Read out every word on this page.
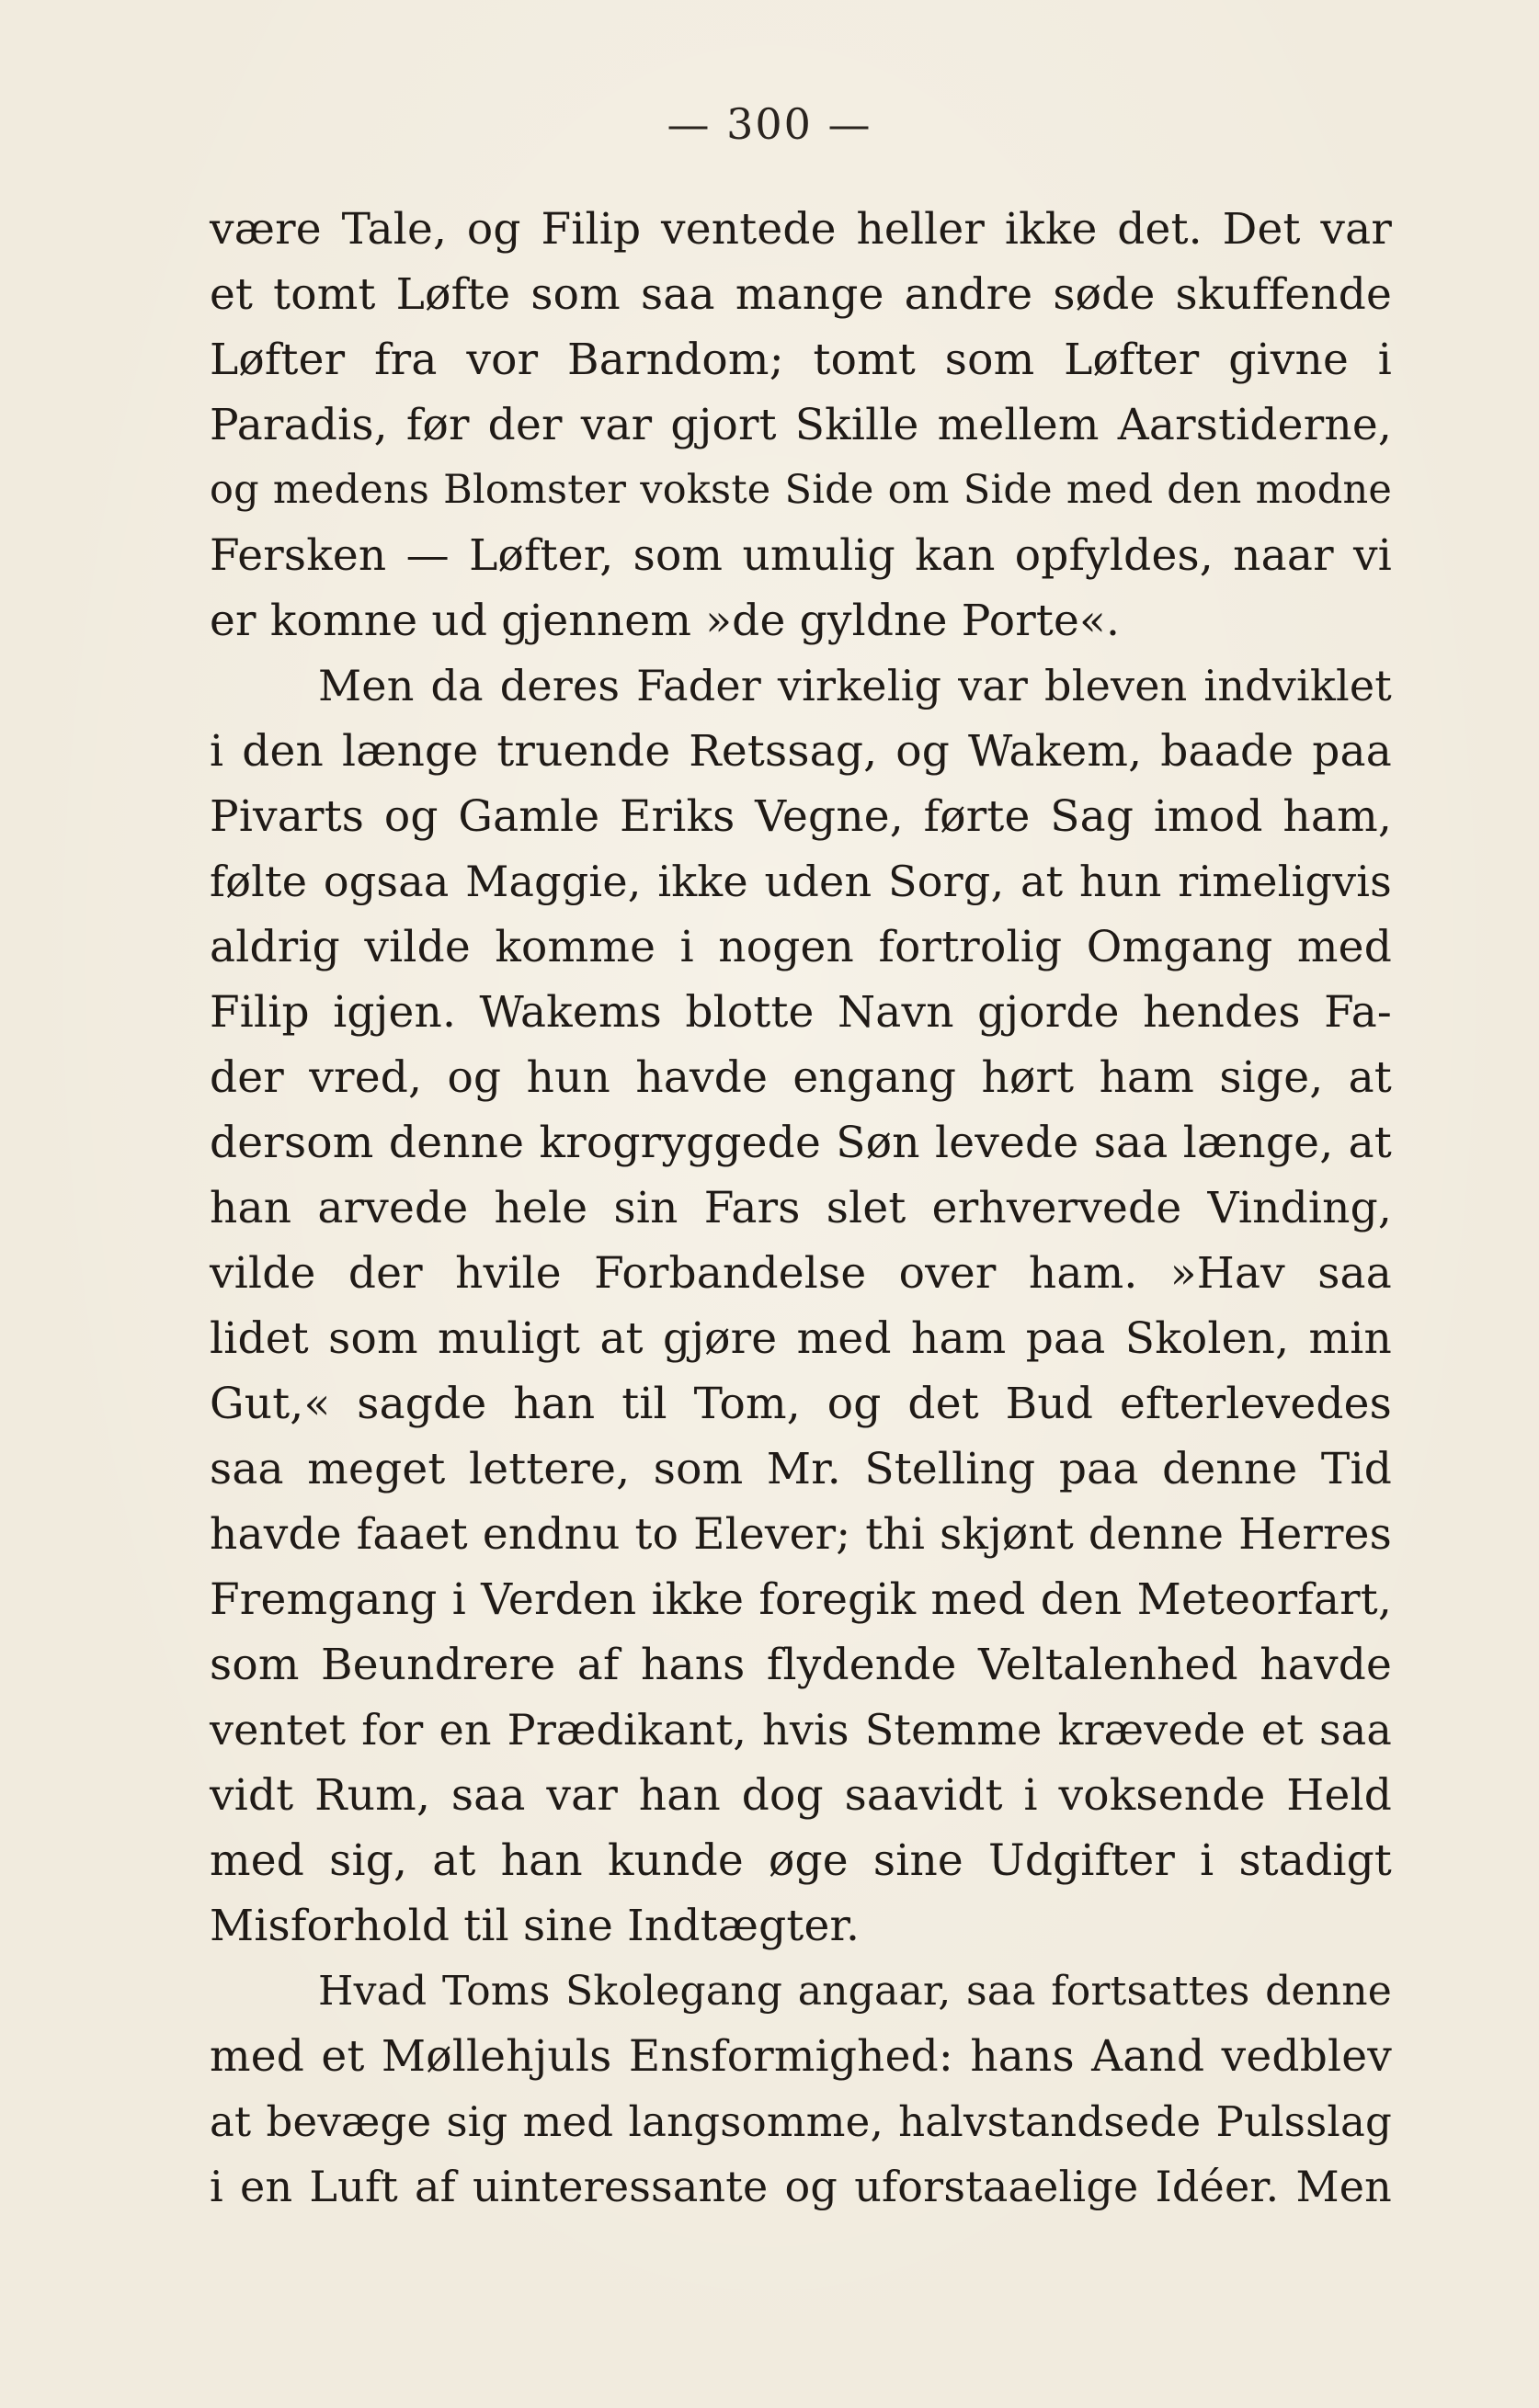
— 300 —
være Tale, og Filip ventede heller ikke det. Det var
et tomt Løfte som saa mange andre søde skuffende
Løfter fra vor Barndom; tomt som Løfter givne i
Paradis, før der var gjort Skille mellem Aarstiderne,
og medens Blomster vokste Side om Side med den modne
Fersken — Løfter, som umulig kan opfyldes, naar vi
er komne ud gjennem »de gyldne Porte«.
Men da deres Fader virkelig var bleven indviklet
i den længe truende Retssag, og Wakem, baade paa
Pivarts og Gamle Eriks Vegne, førte Sag imod ham,
følte ogsaa Maggie, ikke uden Sorg, at hun rimeligvis
aldrig vilde komme i nogen fortrolig Omgang med
Filip igjen. Wakems blotte Navn gjorde hendes Fa-
der vred, og hun havde engang hørt ham sige, at
dersom denne krogryggede Søn levede saa længe, at
han arvede hele sin Fars slet erhvervede Vinding,
vilde der hvile Forbandelse over ham. »Hav saa
lidet som muligt at gjøre med ham paa Skolen, min
Gut,« sagde han til Tom, og det Bud efterlevedes
saa meget lettere, som Mr. Stelling paa denne Tid
havde faaet endnu to Elever; thi skjønt denne Herres
Fremgang i Verden ikke foregik med den Meteorfart,
som Beundrere af hans flydende Veltalenhed havde
ventet for en Prædikant, hvis Stemme krævede et saa
vidt Rum, saa var han dog saavidt i voksende Held
med sig, at han kunde øge sine Udgifter i stadigt
Misforhold til sine Indtægter.
Hvad Toms Skolegang angaar, saa fortsattes denne
med et Møllehjuls Ensformighed: hans Aand vedblev
at bevæge sig med langsomme, halvstandsede Pulsslag
i en Luft af uinteressante og uforstaaelige Idéer. Men
